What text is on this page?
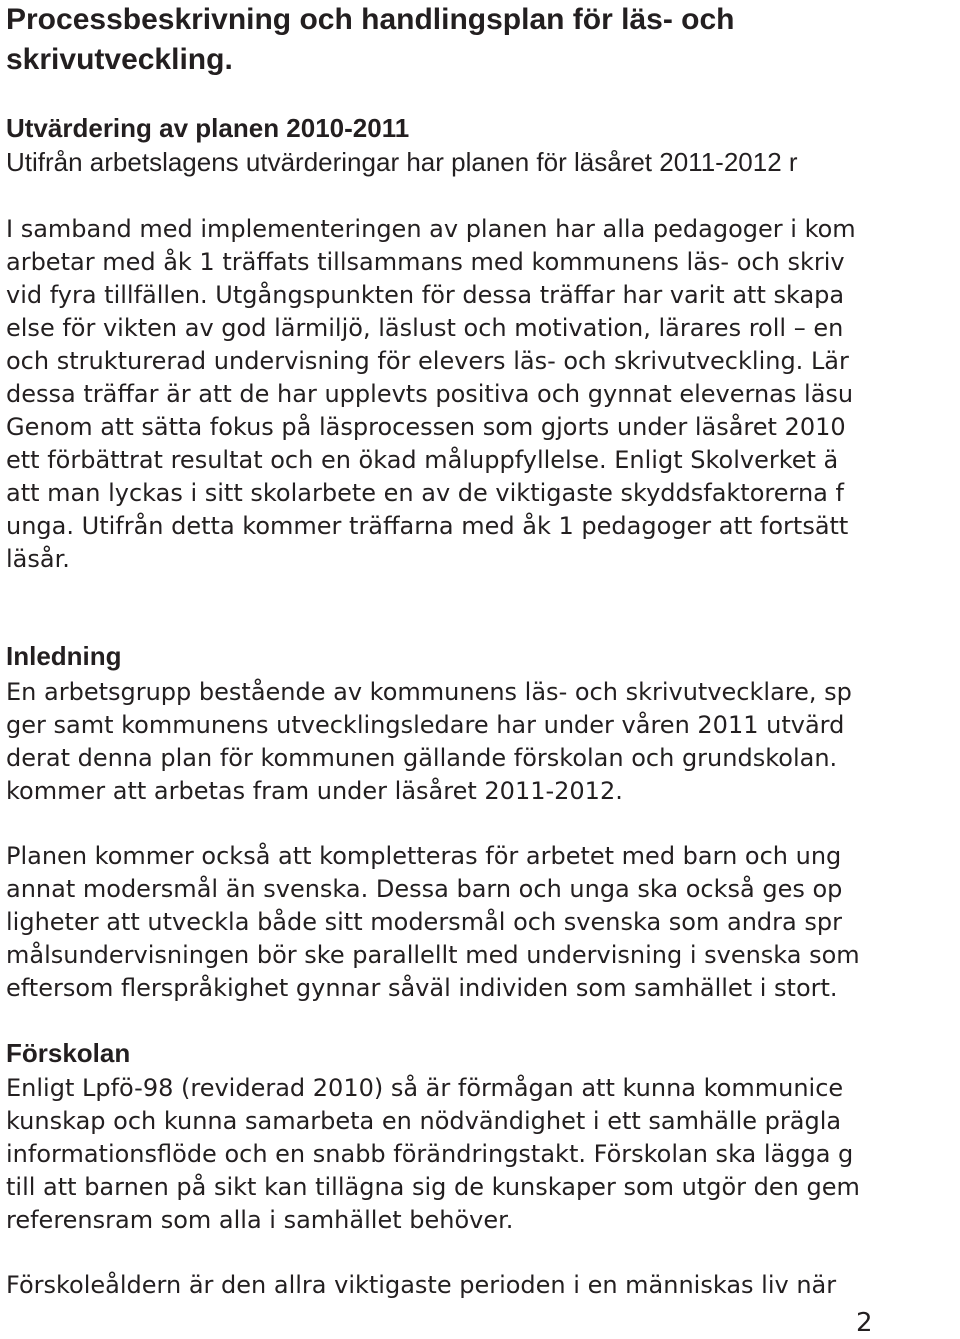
Processbeskrivning och handlingsplan för läs- och
skrivutveckling.
Utvärdering av planen 2010-2011
Utifrån arbetslagens utvärderingar har planen för läsåret 2011-2012 r
I samband med implementeringen av planen har alla pedagoger i kom
arbetar med åk 1 träffats tillsammans med kommunens läs- och skriv
vid fyra tillfällen. Utgångspunkten för dessa träffar har varit att skapa
else för vikten av god lärmiljö, läslust och motivation, lärares roll – en
och strukturerad undervisning för elevers läs- och skrivutveckling. Lär
dessa träffar är att de har upplevts positiva och gynnat elevernas läsu
Genom att sätta fokus på läsprocessen som gjorts under läsåret 2010
ett förbättrat resultat och en ökad måluppfyllelse. Enligt Skolverket ä
att man lyckas i sitt skolarbete en av de viktigaste skyddsfaktorerna f
unga. Utifrån detta kommer träffarna med åk 1 pedagoger att fortsätt
läsår.
Inledning
En arbetsgrupp bestående av kommunens läs- och skrivutvecklare, sp
ger samt kommunens utvecklingsledare har under våren 2011 utvärd
derat denna plan för kommunen gällande förskolan och grundskolan.
kommer att arbetas fram under läsåret 2011-2012.
Planen kommer också att kompletteras för arbetet med barn och ung
annat modersmål än svenska. Dessa barn och unga ska också ges op
ligheter att utveckla både sitt modersmål och svenska som andra spr
målsundervisningen bör ske parallellt med undervisning i svenska som
eftersom flerspråkighet gynnar såväl individen som samhället i stort.
Förskolan
Enligt Lpfö-98 (reviderad 2010) så är förmågan att kunna kommunice
kunskap och kunna samarbeta en nödvändighet i ett samhälle prägla
informationsflöde och en snabb förändringstakt. Förskolan ska lägga g
till att barnen på sikt kan tillägna sig de kunskaper som utgör den gem
referensram som alla i samhället behöver.
Förskoleåldern är den allra viktigaste perioden i en människas liv när
2
